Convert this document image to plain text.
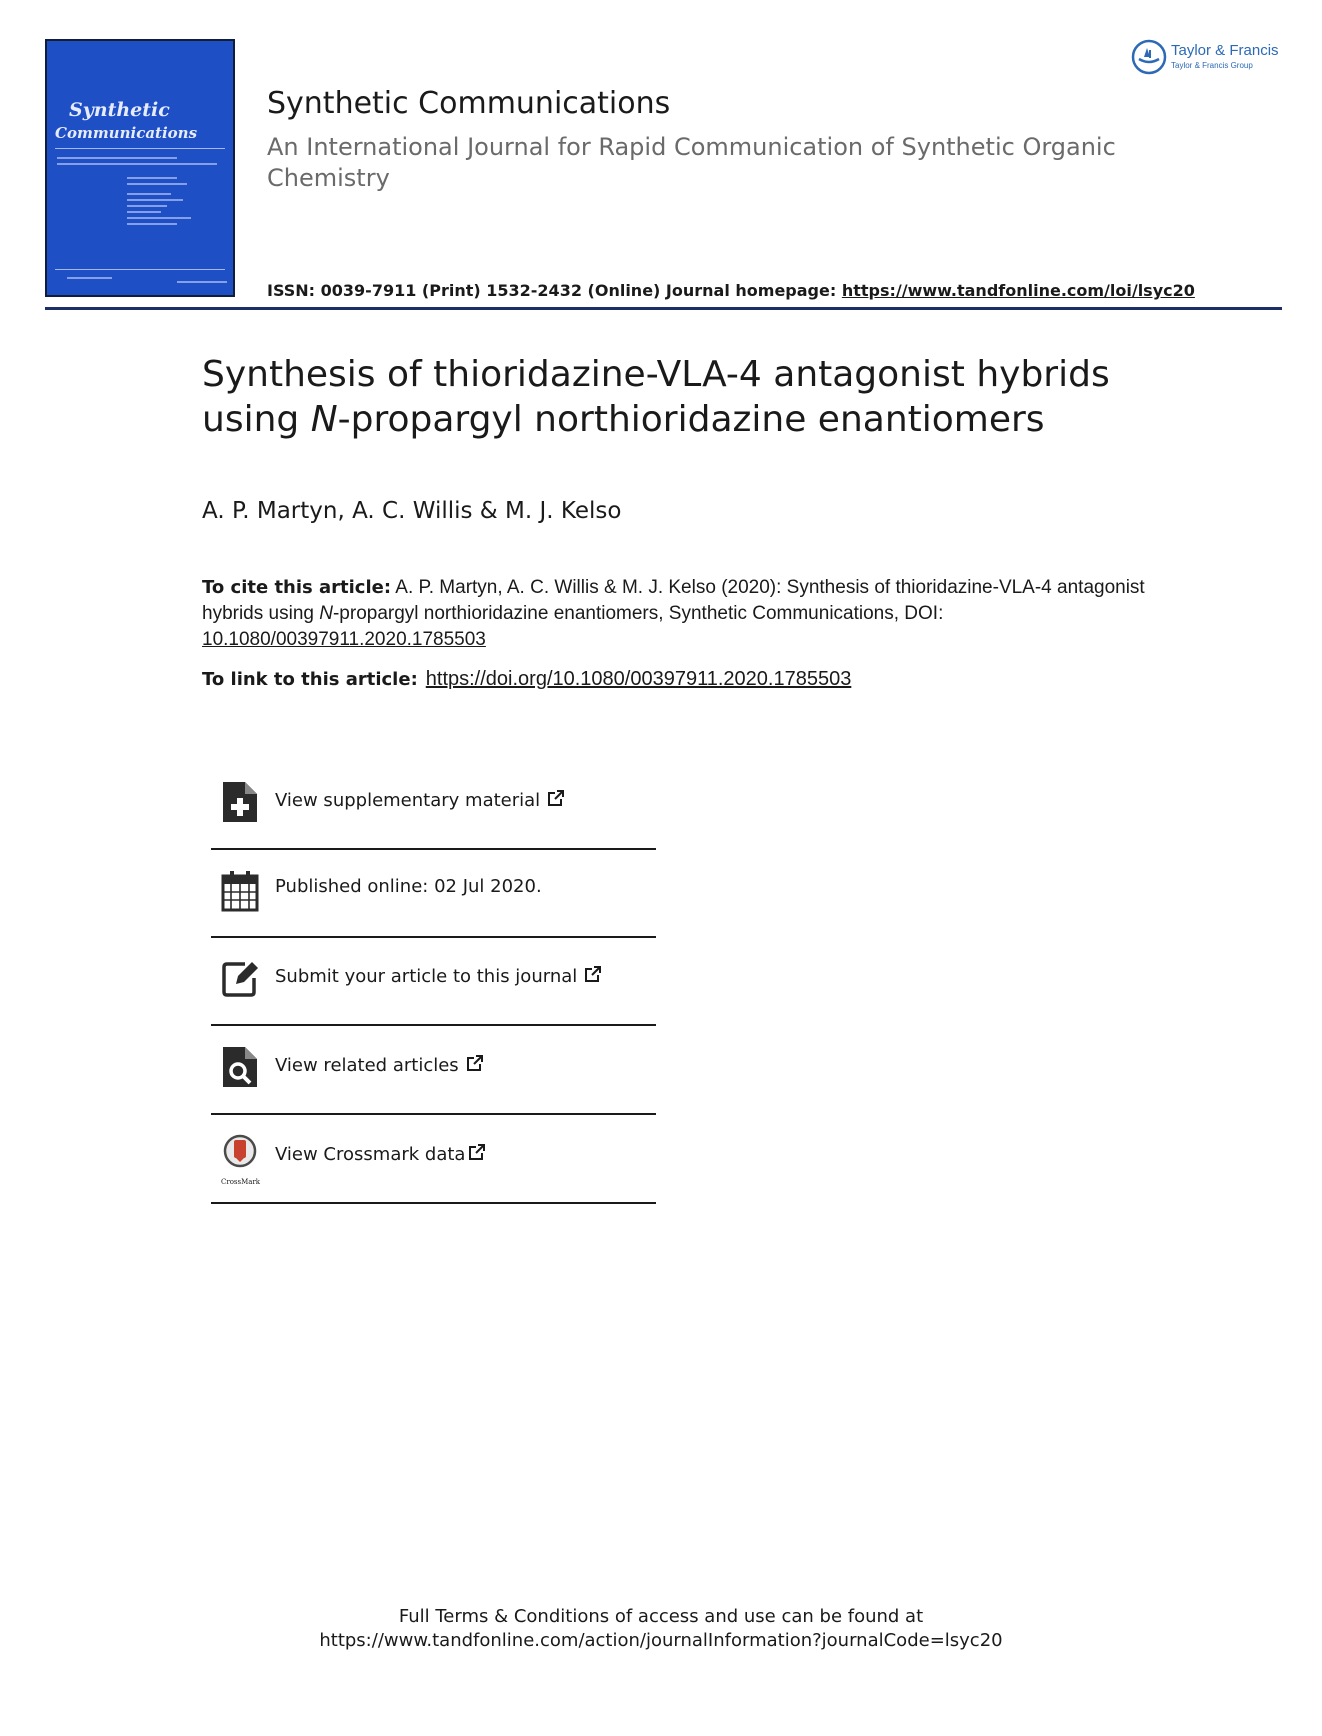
Synthetic
Communications
Taylor & Francis
Taylor & Francis Group
Synthetic Communications
An International Journal for Rapid Communication of Synthetic Organic Chemistry
ISSN: 0039-7911 (Print) 1532-2432 (Online) Journal homepage: https://www.tandfonline.com/loi/lsyc20
Synthesis of thioridazine-VLA-4 antagonist hybrids using N-propargyl northioridazine enantiomers
A. P. Martyn, A. C. Willis & M. J. Kelso
To cite this article: A. P. Martyn, A. C. Willis & M. J. Kelso (2020): Synthesis of thioridazine-VLA-4 antagonist hybrids using N-propargyl northioridazine enantiomers, Synthetic Communications, DOI: 10.1080/00397911.2020.1785503
To link to this article: https://doi.org/10.1080/00397911.2020.1785503
View supplementary material
Published online: 02 Jul 2020.
Submit your article to this journal
View related articles
CrossMark
View Crossmark data
Full Terms & Conditions of access and use can be found at
https://www.tandfonline.com/action/journalInformation?journalCode=lsyc20
